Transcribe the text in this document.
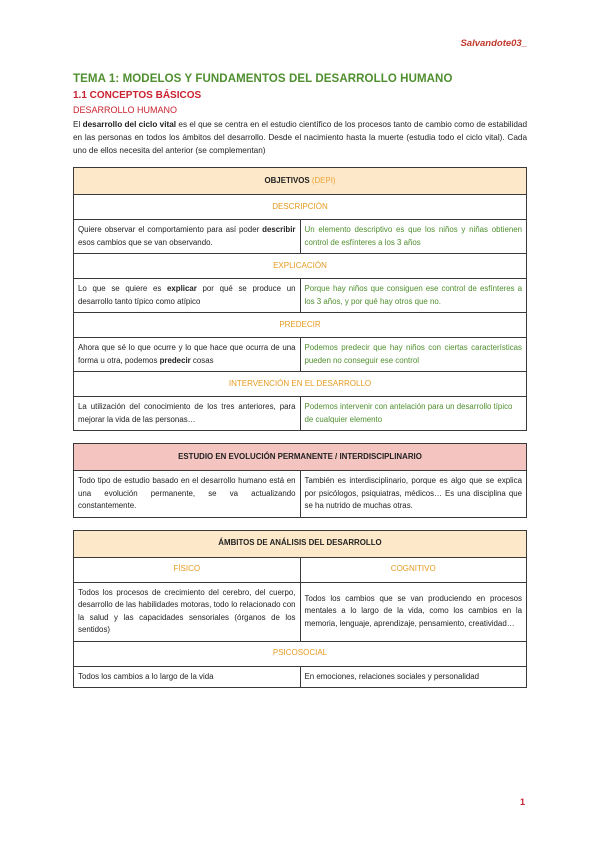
Salvandote03_
TEMA 1: MODELOS Y FUNDAMENTOS DEL DESARROLLO HUMANO
1.1 CONCEPTOS BÁSICOS
DESARROLLO HUMANO

El desarrollo del ciclo vital es el que se centra en el estudio científico de los procesos tanto de cambio como de estabilidad en las personas en todos los ámbitos del desarrollo. Desde el nacimiento hasta la muerte (estudia todo el ciclo vital). Cada uno de ellos necesita del anterior (se complementan)

OBJETIVOS (DEPI)	
DESCRIPCIÓN	
Quiere observar el comportamiento para así poder describir esos cambios que se van observando.	Un elemento descriptivo es que los niños y niñas obtienen control de esfínteres a los 3 años
EXPLICACIÓN	
Lo que se quiere es explicar por qué se produce un desarrollo tanto típico como atípico	Porque hay niños que consiguen ese control de esfínteres a los 3 años, y por qué hay otros que no.
PREDECIR	
Ahora que sé lo que ocurre y lo que hace que ocurra de una forma u otra, podemos predecir cosas	Podemos predecir que hay niños con ciertas características pueden no conseguir ese control
INTERVENCIÓN EN EL DESARROLLO	
La utilización del conocimiento de los tres anteriores, para mejorar la vida de las personas…	Podemos intervenir con antelación para un desarrollo típico de cualquier elemento
ESTUDIO EN EVOLUCIÓN PERMANENTE / INTERDISCIPLINARIO
Todo tipo de estudio basado en el desarrollo humano está en una evolución permanente, se va actualizando constantemente.	También es interdisciplinario, porque es algo que se explica por psicólogos, psiquiatras, médicos… Es una disciplina que se ha nutrido de muchas otras.
ÁMBITOS DE ANÁLISIS DEL DESARROLLO	
FÍSICO	COGNITIVO
Todos los procesos de crecimiento del cerebro, del cuerpo, desarrollo de las habilidades motoras, todo lo relacionado con la salud y las capacidades sensoriales (órganos de los sentidos)	Todos los cambios que se van produciendo en procesos mentales a lo largo de la vida, como los cambios en la memoria, lenguaje, aprendizaje, pensamiento, creatividad…
PSICOSOCIAL	
Todos los cambios a lo largo de la vida	En emociones, relaciones sociales y personalidad
1
